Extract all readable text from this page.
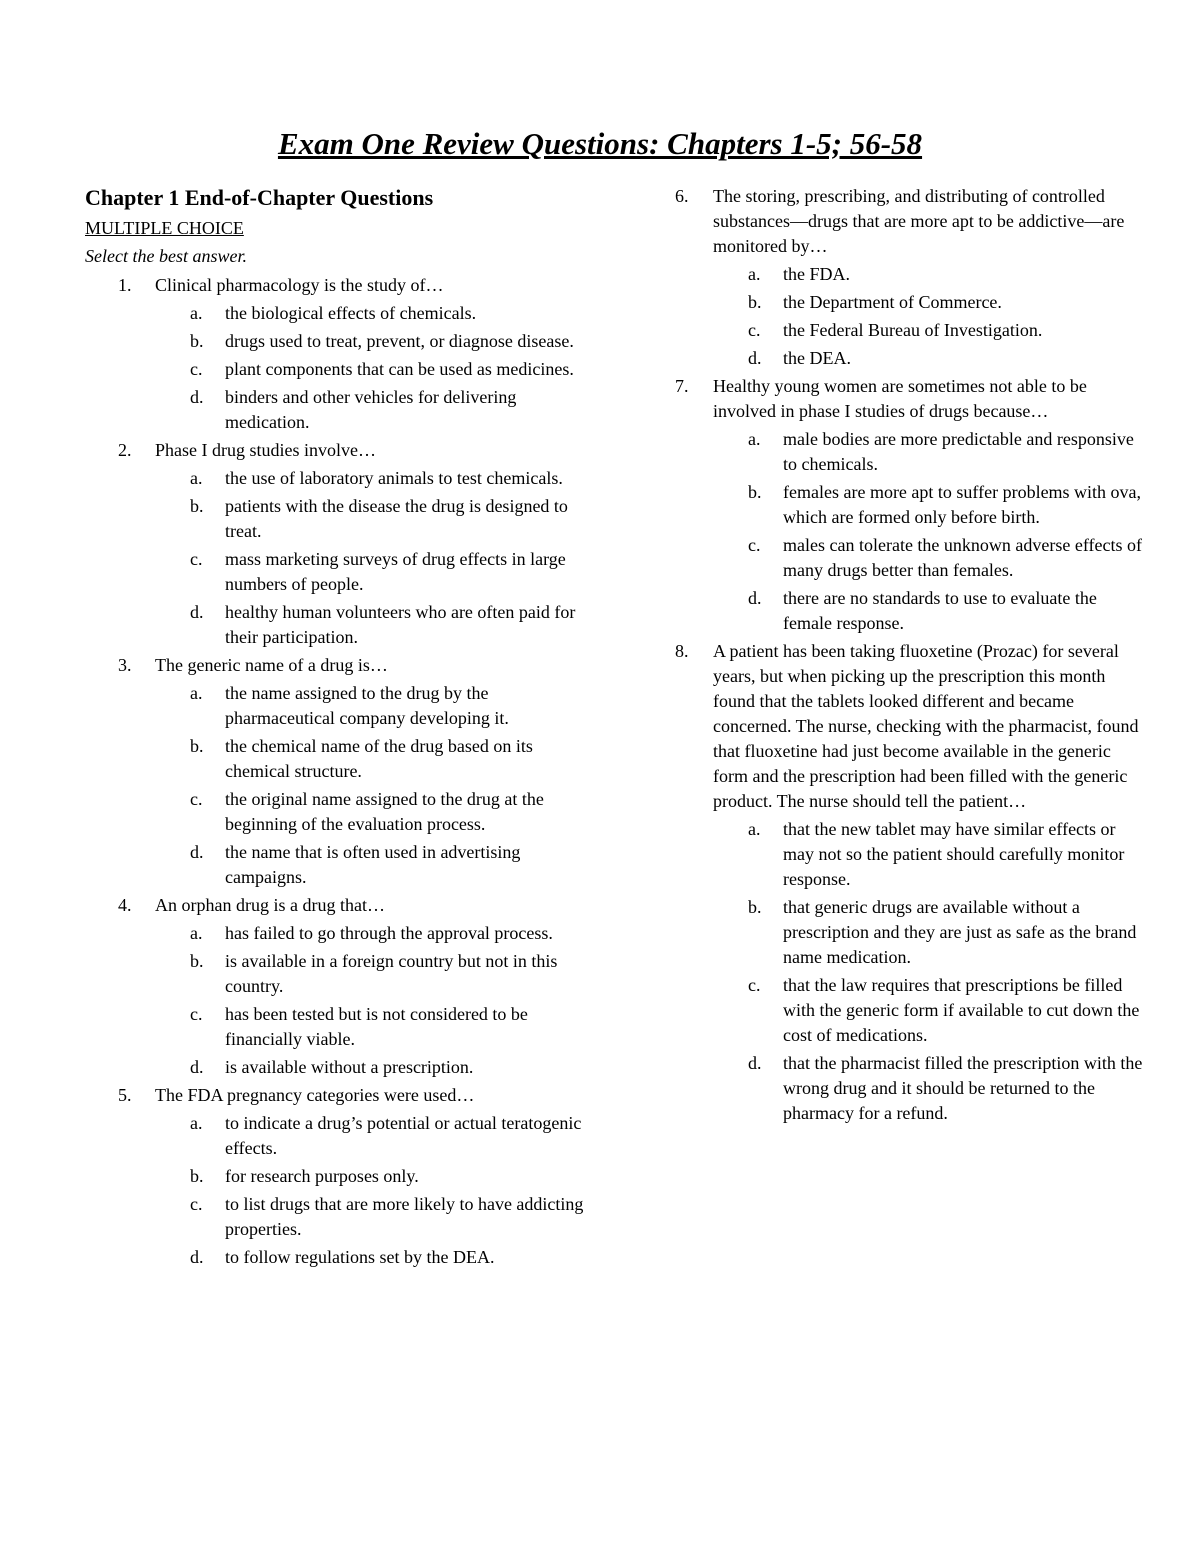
Exam One Review Questions: Chapters 1-5; 56-58
Chapter 1 End-of-Chapter Questions
MULTIPLE CHOICE
Select the best answer.
1. Clinical pharmacology is the study of…
a. the biological effects of chemicals.
b. drugs used to treat, prevent, or diagnose disease.
c. plant components that can be used as medicines.
d. binders and other vehicles for delivering medication.
2. Phase I drug studies involve…
a. the use of laboratory animals to test chemicals.
b. patients with the disease the drug is designed to treat.
c. mass marketing surveys of drug effects in large numbers of people.
d. healthy human volunteers who are often paid for their participation.
3. The generic name of a drug is…
a. the name assigned to the drug by the pharmaceutical company developing it.
b. the chemical name of the drug based on its chemical structure.
c. the original name assigned to the drug at the beginning of the evaluation process.
d. the name that is often used in advertising campaigns.
4. An orphan drug is a drug that…
a. has failed to go through the approval process.
b. is available in a foreign country but not in this country.
c. has been tested but is not considered to be financially viable.
d. is available without a prescription.
5. The FDA pregnancy categories were used…
a. to indicate a drug’s potential or actual teratogenic effects.
b. for research purposes only.
c. to list drugs that are more likely to have addicting properties.
d. to follow regulations set by the DEA.
6. The storing, prescribing, and distributing of controlled substances—drugs that are more apt to be addictive—are monitored by…
a. the FDA.
b. the Department of Commerce.
c. the Federal Bureau of Investigation.
d. the DEA.
7. Healthy young women are sometimes not able to be involved in phase I studies of drugs because…
a. male bodies are more predictable and responsive to chemicals.
b. females are more apt to suffer problems with ova, which are formed only before birth.
c. males can tolerate the unknown adverse effects of many drugs better than females.
d. there are no standards to use to evaluate the female response.
8. A patient has been taking fluoxetine (Prozac) for several years, but when picking up the prescription this month found that the tablets looked different and became concerned. The nurse, checking with the pharmacist, found that fluoxetine had just become available in the generic form and the prescription had been filled with the generic product. The nurse should tell the patient…
a. that the new tablet may have similar effects or may not so the patient should carefully monitor response.
b. that generic drugs are available without a prescription and they are just as safe as the brand name medication.
c. that the law requires that prescriptions be filled with the generic form if available to cut down the cost of medications.
d. that the pharmacist filled the prescription with the wrong drug and it should be returned to the pharmacy for a refund.
